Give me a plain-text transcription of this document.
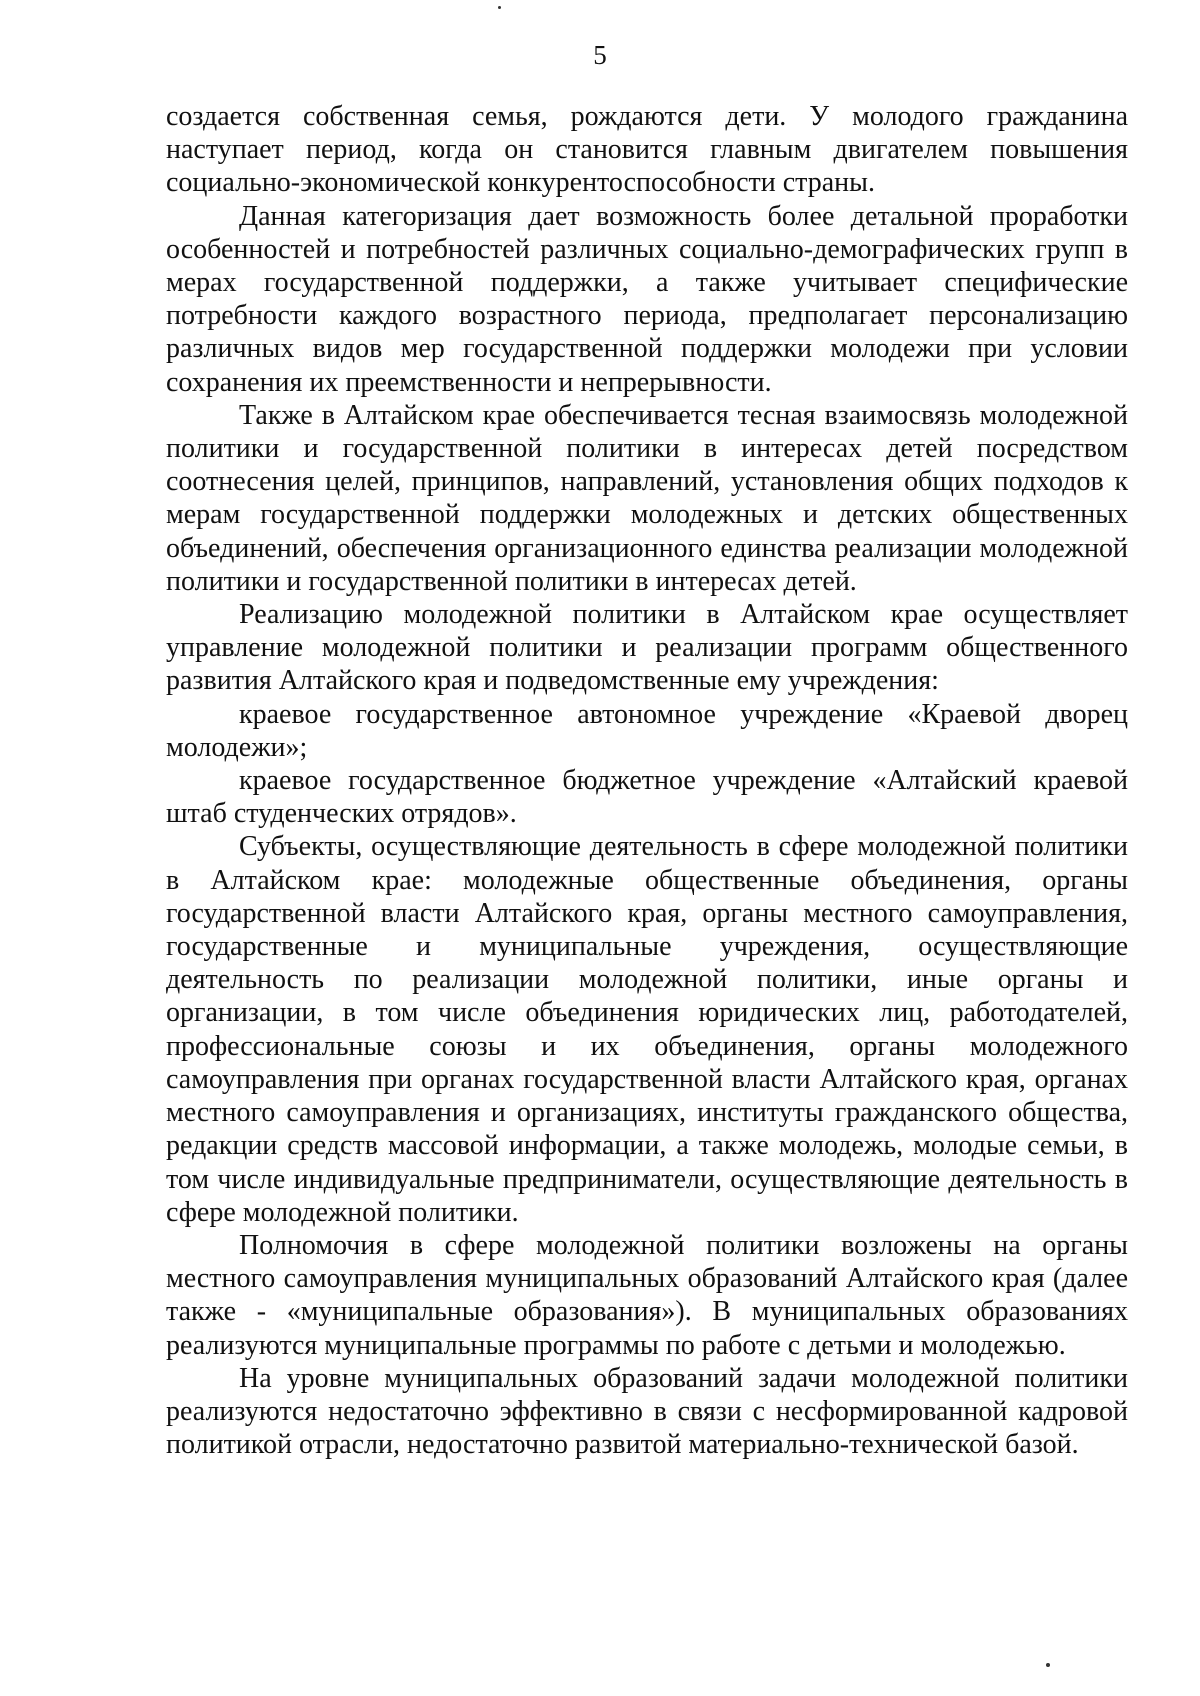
5

создается собственная семья, рождаются дети. У молодого гражданина наступает период, когда он становится главным двигателем повышения социально-экономической конкурентоспособности страны.

Данная категоризация дает возможность более детальной проработки особенностей и потребностей различных социально-демографических групп в мерах государственной поддержки, а также учитывает специфические потребности каждого возрастного периода, предполагает персонализацию различных видов мер государственной поддержки молодежи при условии сохранения их преемственности и непрерывности.

Также в Алтайском крае обеспечивается тесная взаимосвязь молодежной политики и государственной политики в интересах детей посредством соотнесения целей, принципов, направлений, установления общих подходов к мерам государственной поддержки молодежных и детских общественных объединений, обеспечения организационного единства реализации молодежной политики и государственной политики в интересах детей.

Реализацию молодежной политики в Алтайском крае осуществляет управление молодежной политики и реализации программ общественного развития Алтайского края и подведомственные ему учреждения:

краевое государственное автономное учреждение «Краевой дворец молодежи»;

краевое государственное бюджетное учреждение «Алтайский краевой штаб студенческих отрядов».

Субъекты, осуществляющие деятельность в сфере молодежной политики в Алтайском крае: молодежные общественные объединения, органы государственной власти Алтайского края, органы местного самоуправления, государственные и муниципальные учреждения, осуществляющие деятельность по реализации молодежной политики, иные органы и организации, в том числе объединения юридических лиц, работодателей, профессиональные союзы и их объединения, органы молодежного самоуправления при органах государственной власти Алтайского края, органах местного самоуправления и организациях, институты гражданского общества, редакции средств массовой информации, а также молодежь, молодые семьи, в том числе индивидуальные предприниматели, осуществляющие деятельность в сфере молодежной политики.

Полномочия в сфере молодежной политики возложены на органы местного самоуправления муниципальных образований Алтайского края (далее также - «муниципальные образования»). В муниципальных образованиях реализуются муниципальные программы по работе с детьми и молодежью.

На уровне муниципальных образований задачи молодежной политики реализуются недостаточно эффективно в связи с несформированной кадровой политикой отрасли, недостаточно развитой материально-технической базой.
